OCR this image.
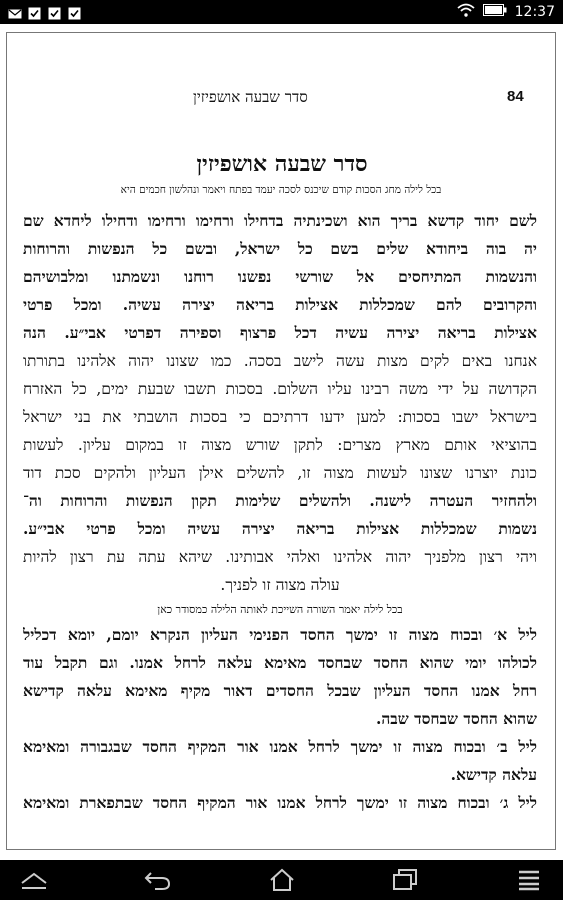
12:37
סדר שבעה אושפיזין	84
סדר שבעה אושפיזין
בכל לילה מחג הסכות קודם שיכנס לסכה יעמד בפתח ויאמר ונהלשון חכמים היא
לשם יחוד קדשא בריך הוא ושכינתיה בדחילו ורחימו ורחימו ודחילו ליחדא שם
יה בוה ביחודא שלים בשם כל ישראל, ובשם כל הנפשות והרוחות
והנשמות המתיחסים אל שורשי נפשנו רוחנו ונשמתנו ומלבושיהם
והקרובים להם שמכללות אצילות בריאה יצירה עשיה. ומכל פרטי
אצילות בריאה יצירה עשיה דכל פרצוף וספירה דפרטי אבי״ע. הנה
אנחנו באים לקים מצות עשה לישב בסכה. כמו שצונו יהוה אלהינו בתורתו
הקדושה על ידי משה רבינו עליו השלום. בסכות תשבו שבעת ימים, כל האזרח
בישראל ישבו בסכות: למען ידעו דרתיכם כי בסכות הושבתי את בני ישראל
בהוציאי אותם מארץ מצרים: לתקן שורש מצוה זו במקום עליון. לעשות
כונת יוצרנו שצונו לעשות מצוה זו, להשלים אילן העליון ולהקים סכת דוד
ולהחזיר העטרה לישנה. ולהשלים שלימות תקון הנפשות והרוחות וה־
נשמות שמכללות אצילות בריאה יצירה עשיה ומכל פרטי אבי״ע.
ויהי רצון מלפניך יהוה אלהינו ואלהי אבותינו. שיהא עתה עת רצון להיות
עולה מצוה זו לפניך.
בכל לילה יאמר השורה השייכת לאותה הלילה כמסודר כאן
ליל א׳ ובכוח מצוה זו ימשך החסד הפנימי העליון הנקרא יומם, יומא דכליל
לכולהו יומי שהוא החסד שבחסד מאימא עלאה לרחל אמנו. וגם תקבל עוד
רחל אמנו החסד העליון שבכל החסדים דאור מקיף מאימא עלאה קדישא
שהוא החסד שבחסד שבה.
ליל ב׳ ובכוח מצוה זו ימשך לרחל אמנו אור המקיף החסד שבגבורה ומאימא
עלאה קדישא.
ליל ג׳ ובכוח מצוה זו ימשך לרחל אמנו אור המקיף החסד שבתפארת ומאימא
